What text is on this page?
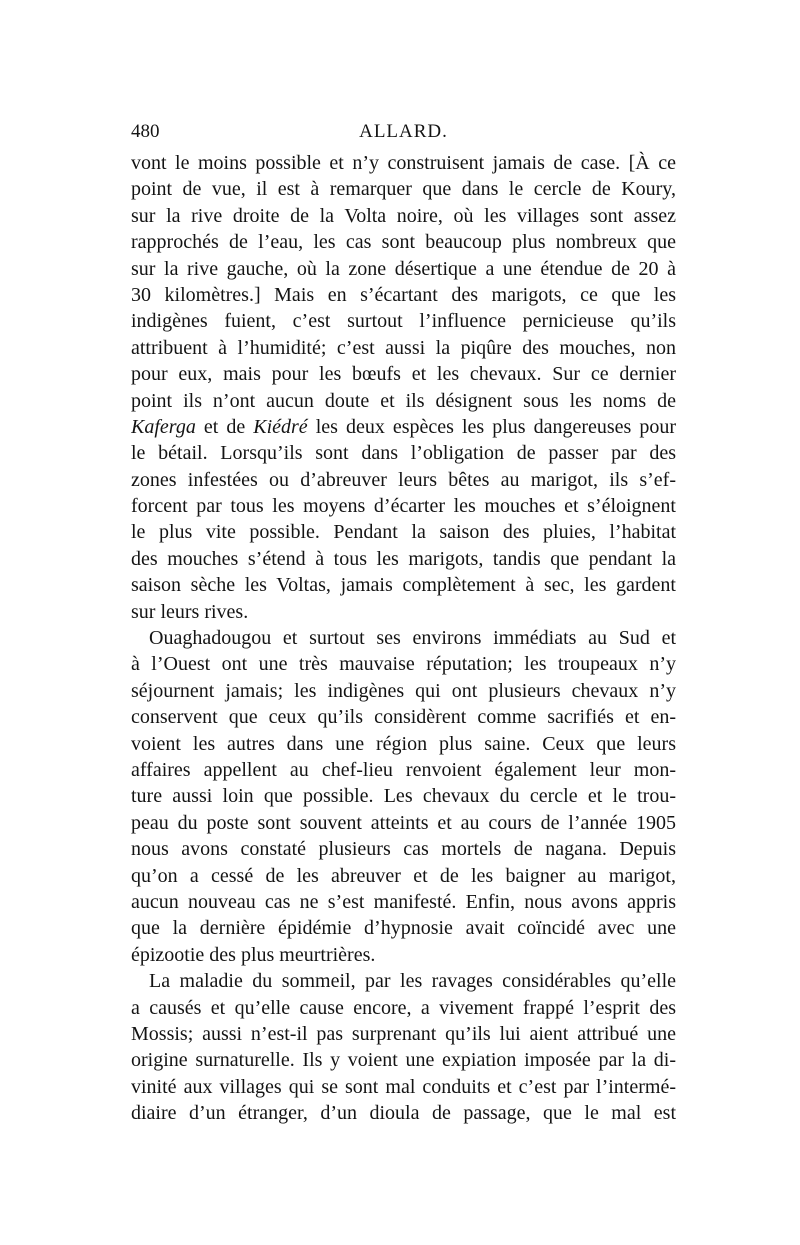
480	ALLARD.
vont le moins possible et n’y construisent jamais de case. [À ce
point de vue, il est à remarquer que dans le cercle de Koury,
sur la rive droite de la Volta noire, où les villages sont assez
rapprochés de l’eau, les cas sont beaucoup plus nombreux que
sur la rive gauche, où la zone désertique a une étendue de 20 à
30 kilomètres.] Mais en s’écartant des marigots, ce que les
indigènes fuient, c’est surtout l’influence pernicieuse qu’ils
attribuent à l’humidité; c’est aussi la piqûre des mouches, non
pour eux, mais pour les bœufs et les chevaux. Sur ce dernier
point ils n’ont aucun doute et ils désignent sous les noms de
Kaferga et de Kiédré les deux espèces les plus dangereuses pour
le bétail. Lorsqu’ils sont dans l’obligation de passer par des
zones infestées ou d’abreuver leurs bêtes au marigot, ils s’ef-
forcent par tous les moyens d’écarter les mouches et s’éloignent
le plus vite possible. Pendant la saison des pluies, l’habitat
des mouches s’étend à tous les marigots, tandis que pendant la
saison sèche les Voltas, jamais complètement à sec, les gardent
sur leurs rives.
Ouaghadougou et surtout ses environs immédiats au Sud et
à l’Ouest ont une très mauvaise réputation; les troupeaux n’y
séjournent jamais; les indigènes qui ont plusieurs chevaux n’y
conservent que ceux qu’ils considèrent comme sacrifiés et en-
voient les autres dans une région plus saine. Ceux que leurs
affaires appellent au chef-lieu renvoient également leur mon-
ture aussi loin que possible. Les chevaux du cercle et le trou-
peau du poste sont souvent atteints et au cours de l’année 1905
nous avons constaté plusieurs cas mortels de nagana. Depuis
qu’on a cessé de les abreuver et de les baigner au marigot,
aucun nouveau cas ne s’est manifesté. Enfin, nous avons appris
que la dernière épidémie d’hypnosie avait coïncidé avec une
épizootie des plus meurtrières.
La maladie du sommeil, par les ravages considérables qu’elle
a causés et qu’elle cause encore, a vivement frappé l’esprit des
Mossis; aussi n’est-il pas surprenant qu’ils lui aient attribué une
origine surnaturelle. Ils y voient une expiation imposée par la di-
vinité aux villages qui se sont mal conduits et c’est par l’intermé-
diaire d’un étranger, d’un dioula de passage, que le mal est
